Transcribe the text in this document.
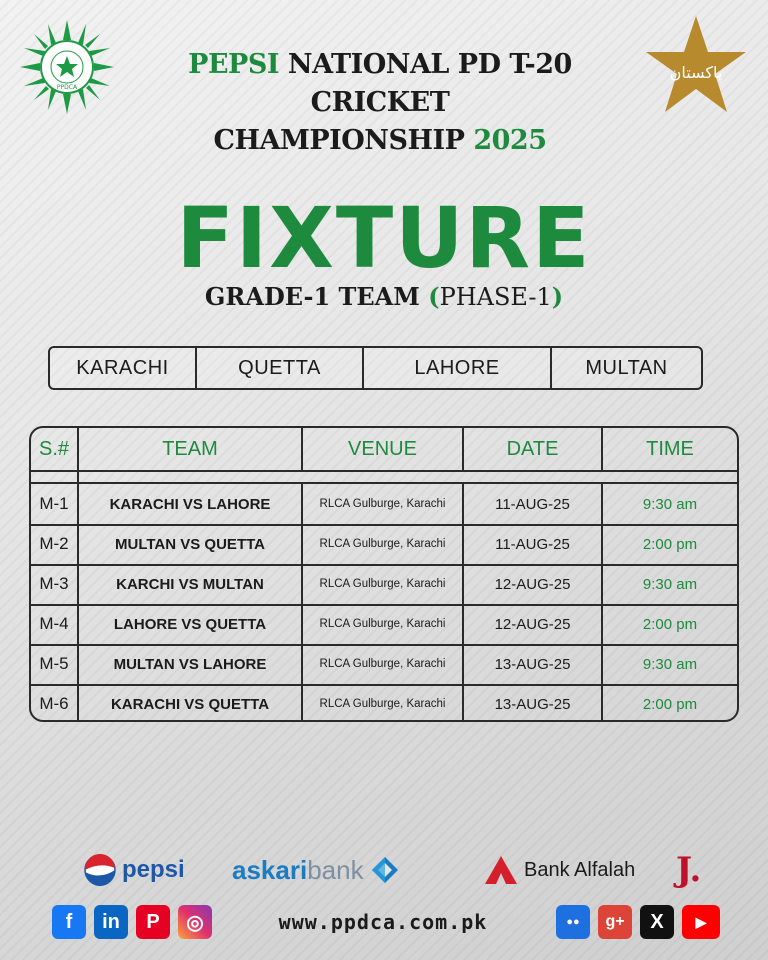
PPDCA
PEPSI NATIONAL PD T-20 CRICKET
CHAMPIONSHIP 2025
پاکستان
FIXTURE
GRADE-1 TEAM (PHASE-1)
KARACHI	QUETTA	LAHORE	MULTAN
S.#	TEAM	VENUE	DATE	TIME
M-1	KARACHI VS LAHORE	RLCA Gulburge, Karachi	11-AUG-25	9:30 am
M-2	MULTAN VS QUETTA	RLCA Gulburge, Karachi	11-AUG-25	2:00 pm
M-3	KARCHI VS MULTAN	RLCA Gulburge, Karachi	12-AUG-25	9:30 am
M-4	LAHORE VS QUETTA	RLCA Gulburge, Karachi	12-AUG-25	2:00 pm
M-5	MULTAN VS LAHORE	RLCA Gulburge, Karachi	13-AUG-25	9:30 am
M-6	KARACHI VS QUETTA	RLCA Gulburge, Karachi	13-AUG-25	2:00 pm
pepsi askaribank	Bank Alfalah J.
f	in	P	◎	www.ppdca.com.pk	●●	g+	X	▶
